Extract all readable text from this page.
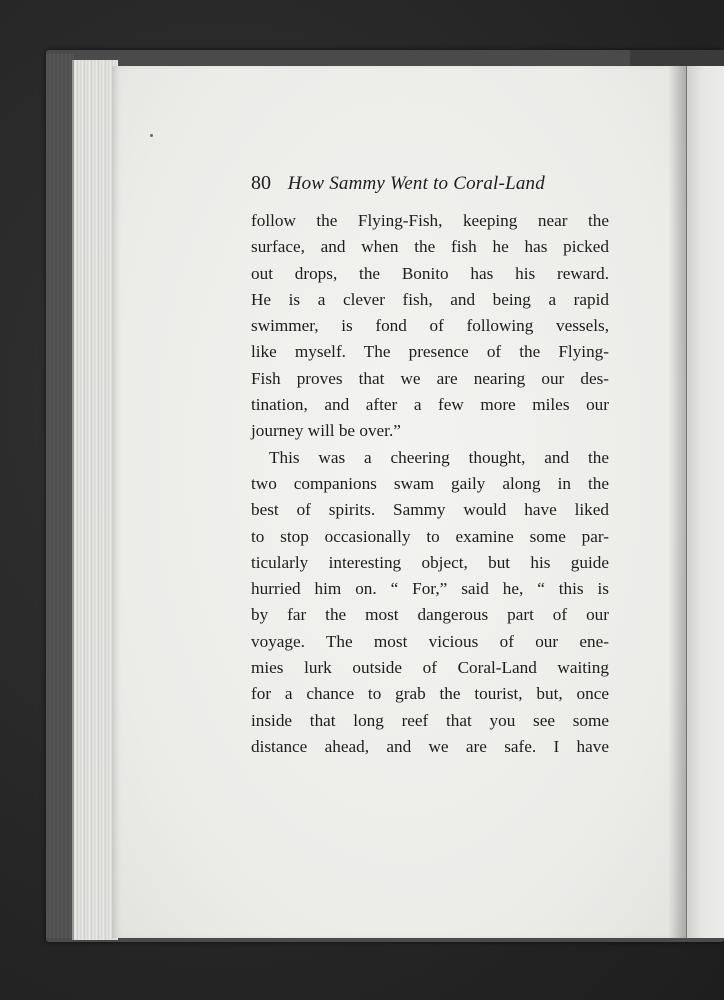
80 How Sammy Went to Coral-Land
follow the Flying-Fish, keeping near the
surface, and when the fish he has picked
out drops, the Bonito has his reward.
He is a clever fish, and being a rapid
swimmer, is fond of following vessels,
like myself. The presence of the Flying-
Fish proves that we are nearing our des-
tination, and after a few more miles our
journey will be over.”
This was a cheering thought, and the
two companions swam gaily along in the
best of spirits. Sammy would have liked
to stop occasionally to examine some par-
ticularly interesting object, but his guide
hurried him on. “ For,” said he, “ this is
by far the most dangerous part of our
voyage. The most vicious of our ene-
mies lurk outside of Coral-Land waiting
for a chance to grab the tourist, but, once
inside that long reef that you see some
distance ahead, and we are safe. I have
